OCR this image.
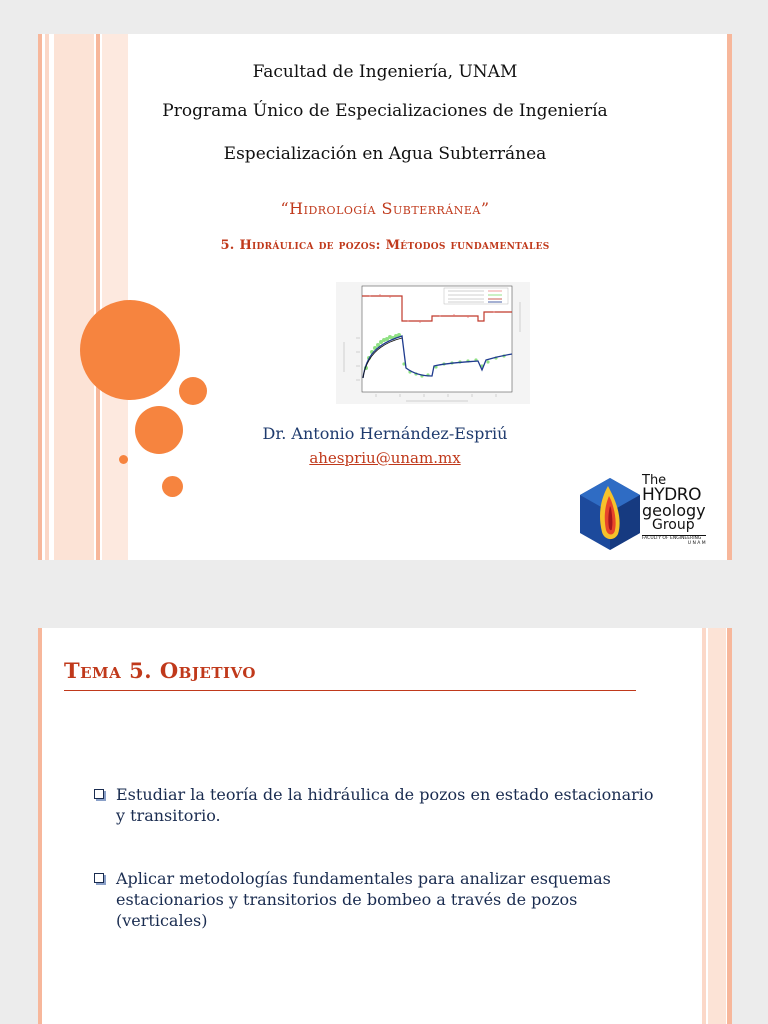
Facultad de Ingeniería, UNAM
Programa Único de Especializaciones de Ingeniería
Especialización en Agua Subterránea
“Hidrología Subterránea”
5. Hidráulica de pozos: Métodos fundamentales
Dr. Antonio Hernández-Espriú
ahespriu@unam.mx
The
HYDRO
geology
Group
FACULTY OF ENGINEERING
U N A M
Tema 5. Objetivo
Estudiar la teoría de la hidráulica de pozos en estado estacionario y transitorio.
Aplicar metodologías fundamentales para analizar esquemas estacionarios y transitorios de bombeo a través de pozos (verticales)
